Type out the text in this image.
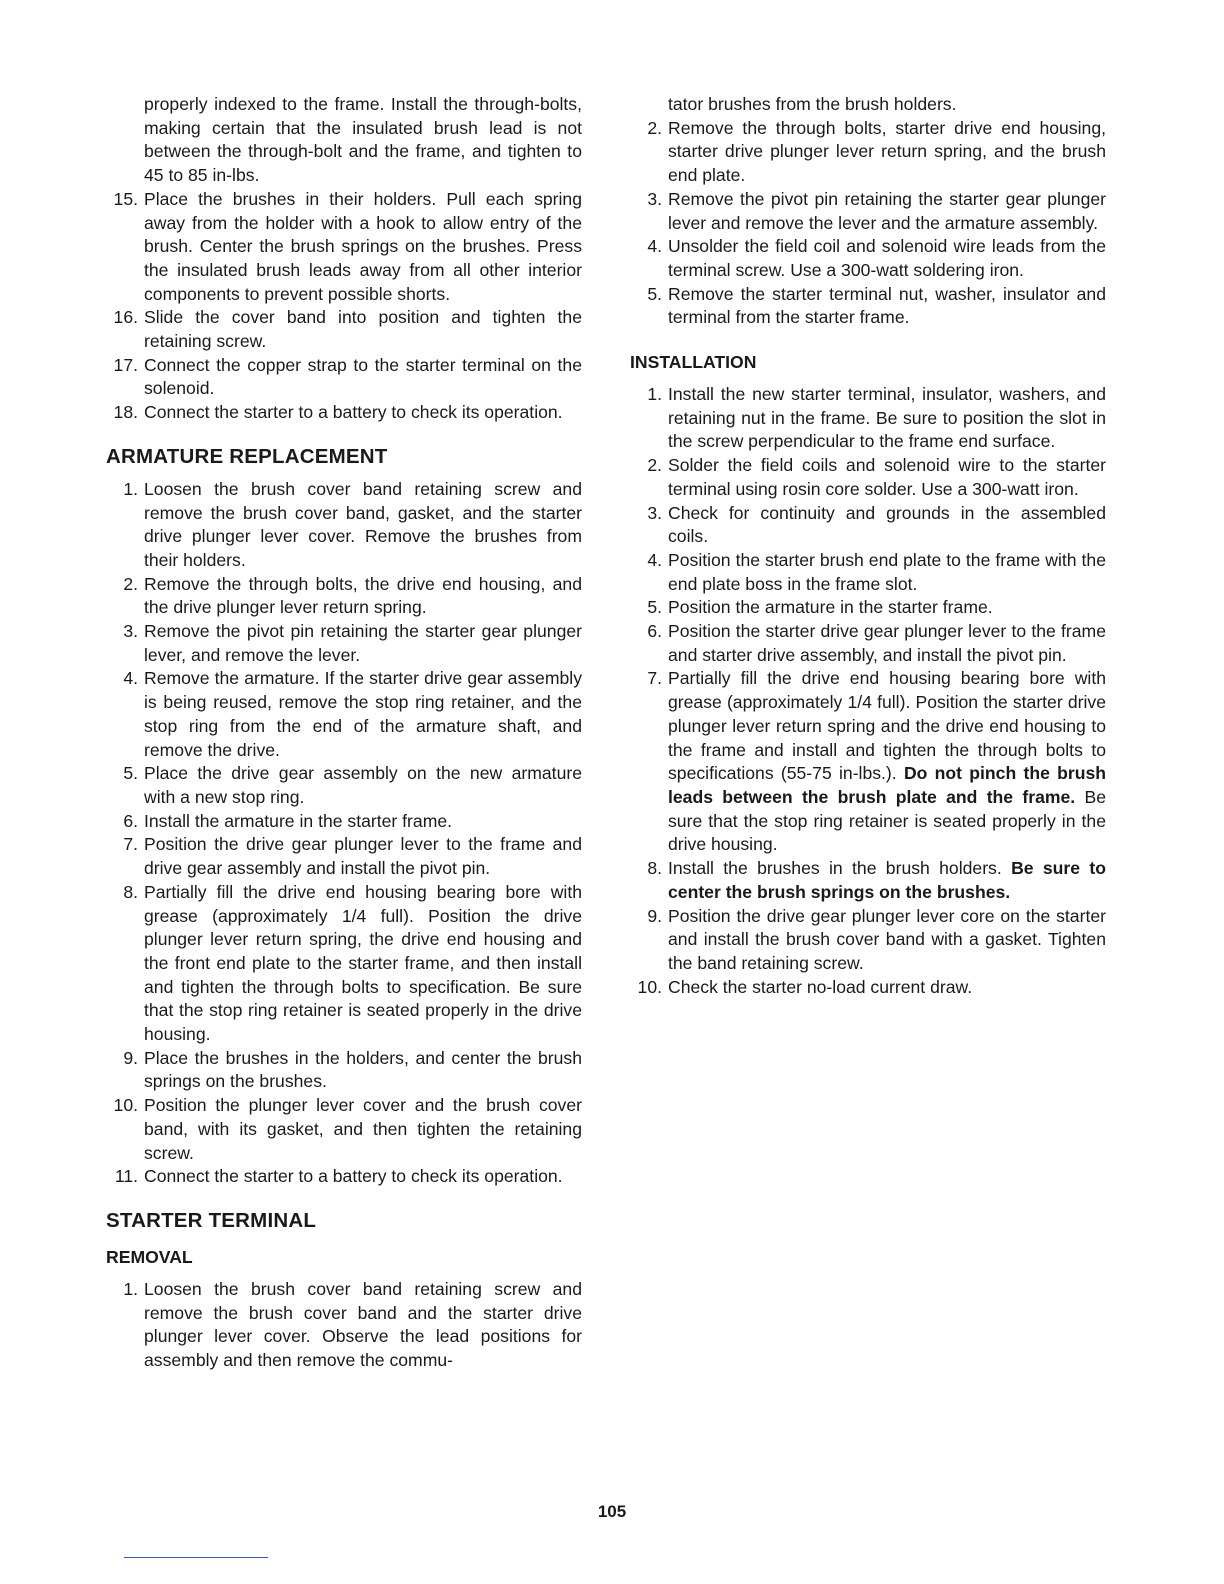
properly indexed to the frame. Install the through-bolts, making certain that the insulated brush lead is not between the through-bolt and the frame, and tighten to 45 to 85 in-lbs.

15. Place the brushes in their holders. Pull each spring away from the holder with a hook to allow entry of the brush. Center the brush springs on the brushes. Press the insulated brush leads away from all other interior components to prevent possible shorts.
16. Slide the cover band into position and tighten the retaining screw.
17. Connect the copper strap to the starter terminal on the solenoid.
18. Connect the starter to a battery to check its operation.
ARMATURE REPLACEMENT
1. Loosen the brush cover band retaining screw and remove the brush cover band, gasket, and the starter drive plunger lever cover. Remove the brushes from their holders.
2. Remove the through bolts, the drive end housing, and the drive plunger lever return spring.
3. Remove the pivot pin retaining the starter gear plunger lever, and remove the lever.
4. Remove the armature. If the starter drive gear assembly is being reused, remove the stop ring retainer, and the stop ring from the end of the armature shaft, and remove the drive.
5. Place the drive gear assembly on the new armature with a new stop ring.
6. Install the armature in the starter frame.
7. Position the drive gear plunger lever to the frame and drive gear assembly and install the pivot pin.
8. Partially fill the drive end housing bearing bore with grease (approximately 1/4 full). Position the drive plunger lever return spring, the drive end housing and the front end plate to the starter frame, and then install and tighten the through bolts to specification. Be sure that the stop ring retainer is seated properly in the drive housing.
9. Place the brushes in the holders, and center the brush springs on the brushes.
10. Position the plunger lever cover and the brush cover band, with its gasket, and then tighten the retaining screw.
11. Connect the starter to a battery to check its operation.
STARTER TERMINAL
REMOVAL
1. Loosen the brush cover band retaining screw and remove the brush cover band and the starter drive plunger lever cover. Observe the lead positions for assembly and then remove the commu-

tator brushes from the brush holders.

2. Remove the through bolts, starter drive end housing, starter drive plunger lever return spring, and the brush end plate.
3. Remove the pivot pin retaining the starter gear plunger lever and remove the lever and the armature assembly.
4. Unsolder the field coil and solenoid wire leads from the terminal screw. Use a 300-watt soldering iron.
5. Remove the starter terminal nut, washer, insulator and terminal from the starter frame.
INSTALLATION
1. Install the new starter terminal, insulator, washers, and retaining nut in the frame. Be sure to position the slot in the screw perpendicular to the frame end surface.
2. Solder the field coils and solenoid wire to the starter terminal using rosin core solder. Use a 300-watt iron.
3. Check for continuity and grounds in the assembled coils.
4. Position the starter brush end plate to the frame with the end plate boss in the frame slot.
5. Position the armature in the starter frame.
6. Position the starter drive gear plunger lever to the frame and starter drive assembly, and install the pivot pin.
7. Partially fill the drive end housing bearing bore with grease (approximately 1/4 full). Position the starter drive plunger lever return spring and the drive end housing to the frame and install and tighten the through bolts to specifications (55-75 in-lbs.). Do not pinch the brush leads between the brush plate and the frame. Be sure that the stop ring retainer is seated properly in the drive housing.
8. Install the brushes in the brush holders. Be sure to center the brush springs on the brushes.
9. Position the drive gear plunger lever core on the starter and install the brush cover band with a gasket. Tighten the band retaining screw.
10. Check the starter no-load current draw.
105
